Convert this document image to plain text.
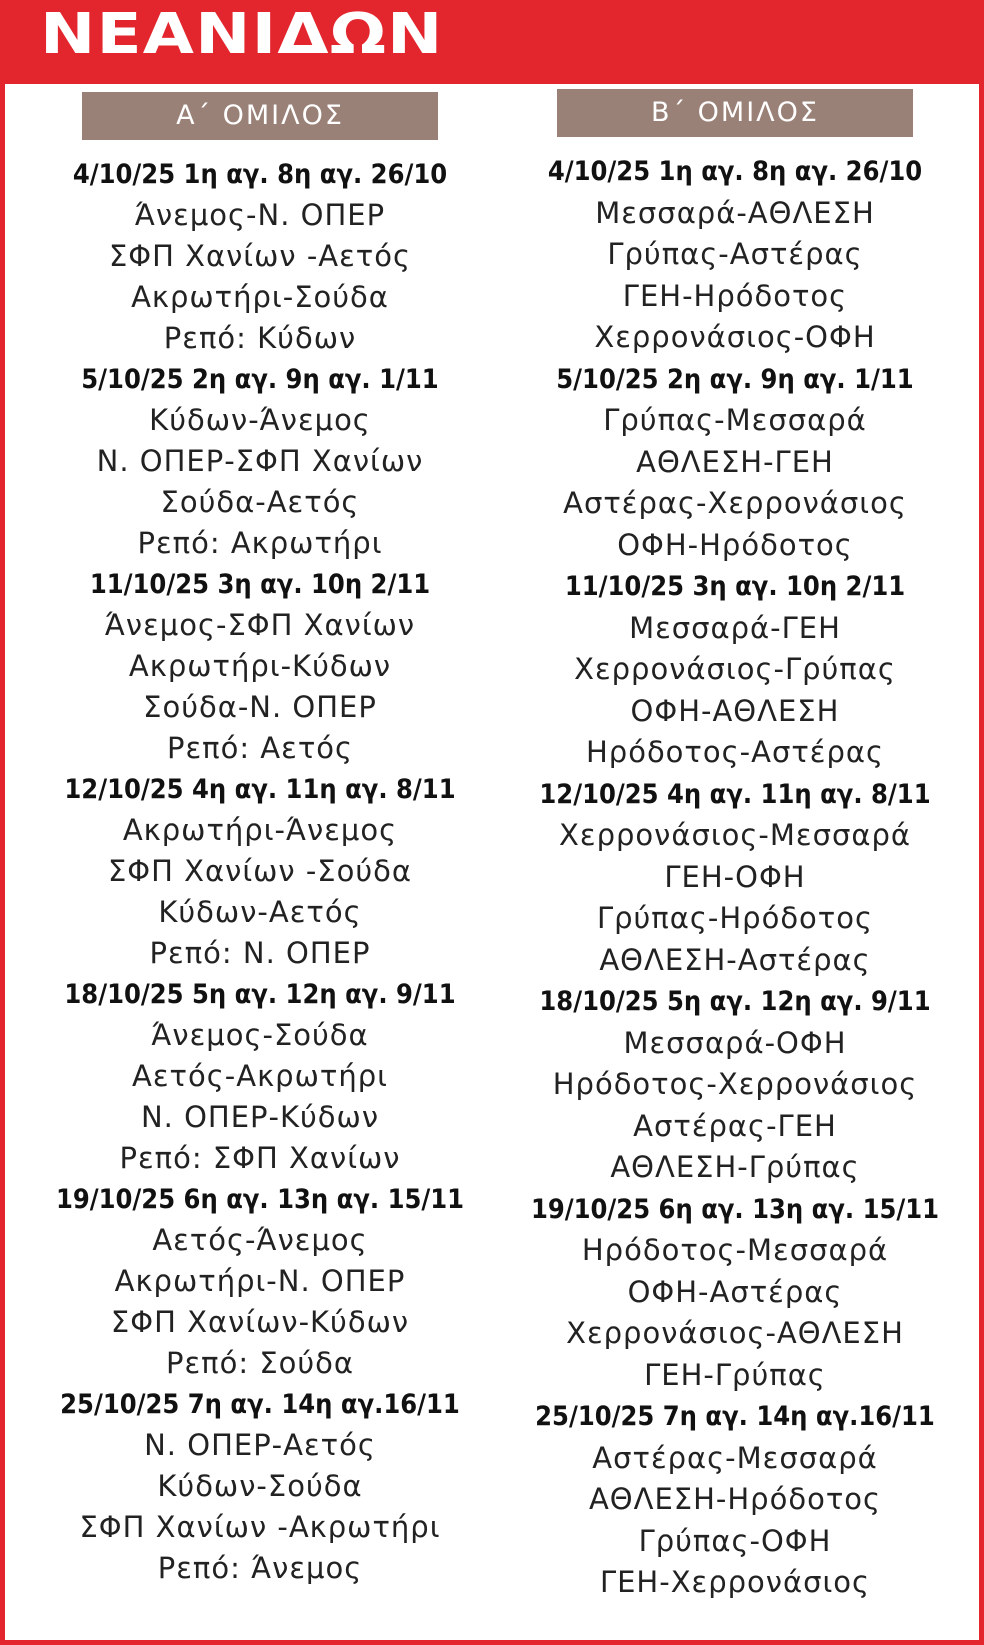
ΝΕΑΝΙΔΩΝ
Α΄ ΟΜΙΛΟΣ
4/10/25 1η αγ. 8η αγ. 26/10
Άνεμος-Ν. ΟΠΕΡ
ΣΦΠ Χανίων -Αετός
Ακρωτήρι-Σούδα
Ρεπό: Κύδων
5/10/25 2η αγ. 9η αγ. 1/11
Κύδων-Άνεμος
Ν. ΟΠΕΡ-ΣΦΠ Χανίων
Σούδα-Αετός
Ρεπό: Ακρωτήρι
11/10/25 3η αγ. 10η 2/11
Άνεμος-ΣΦΠ Χανίων
Ακρωτήρι-Κύδων
Σούδα-Ν. ΟΠΕΡ
Ρεπό: Αετός
12/10/25 4η αγ. 11η αγ. 8/11
Ακρωτήρι-Άνεμος
ΣΦΠ Χανίων -Σούδα
Κύδων-Αετός
Ρεπό: Ν. ΟΠΕΡ
18/10/25 5η αγ. 12η αγ. 9/11
Άνεμος-Σούδα
Αετός-Ακρωτήρι
Ν. ΟΠΕΡ-Κύδων
Ρεπό: ΣΦΠ Χανίων
19/10/25 6η αγ. 13η αγ. 15/11
Αετός-Άνεμος
Ακρωτήρι-Ν. ΟΠΕΡ
ΣΦΠ Χανίων-Κύδων
Ρεπό: Σούδα
25/10/25 7η αγ. 14η αγ.16/11
Ν. ΟΠΕΡ-Αετός
Κύδων-Σούδα
ΣΦΠ Χανίων -Ακρωτήρι
Ρεπό: Άνεμος
Β΄ ΟΜΙΛΟΣ
4/10/25 1η αγ. 8η αγ. 26/10
Μεσσαρά-ΑΘΛΕΣΗ
Γρύπας-Αστέρας
ΓΕΗ-Ηρόδοτος
Χερρονάσιος-ΟΦΗ
5/10/25 2η αγ. 9η αγ. 1/11
Γρύπας-Μεσσαρά
ΑΘΛΕΣΗ-ΓΕΗ
Αστέρας-Χερρονάσιος
ΟΦΗ-Ηρόδοτος
11/10/25 3η αγ. 10η 2/11
Μεσσαρά-ΓΕΗ
Χερρονάσιος-Γρύπας
ΟΦΗ-ΑΘΛΕΣΗ
Ηρόδοτος-Αστέρας
12/10/25 4η αγ. 11η αγ. 8/11
Χερρονάσιος-Μεσσαρά
ΓΕΗ-ΟΦΗ
Γρύπας-Ηρόδοτος
ΑΘΛΕΣΗ-Αστέρας
18/10/25 5η αγ. 12η αγ. 9/11
Μεσσαρά-ΟΦΗ
Ηρόδοτος-Χερρονάσιος
Αστέρας-ΓΕΗ
ΑΘΛΕΣΗ-Γρύπας
19/10/25 6η αγ. 13η αγ. 15/11
Ηρόδοτος-Μεσσαρά
ΟΦΗ-Αστέρας
Χερρονάσιος-ΑΘΛΕΣΗ
ΓΕΗ-Γρύπας
25/10/25 7η αγ. 14η αγ.16/11
Αστέρας-Μεσσαρά
ΑΘΛΕΣΗ-Ηρόδοτος
Γρύπας-ΟΦΗ
ΓΕΗ-Χερρονάσιος
